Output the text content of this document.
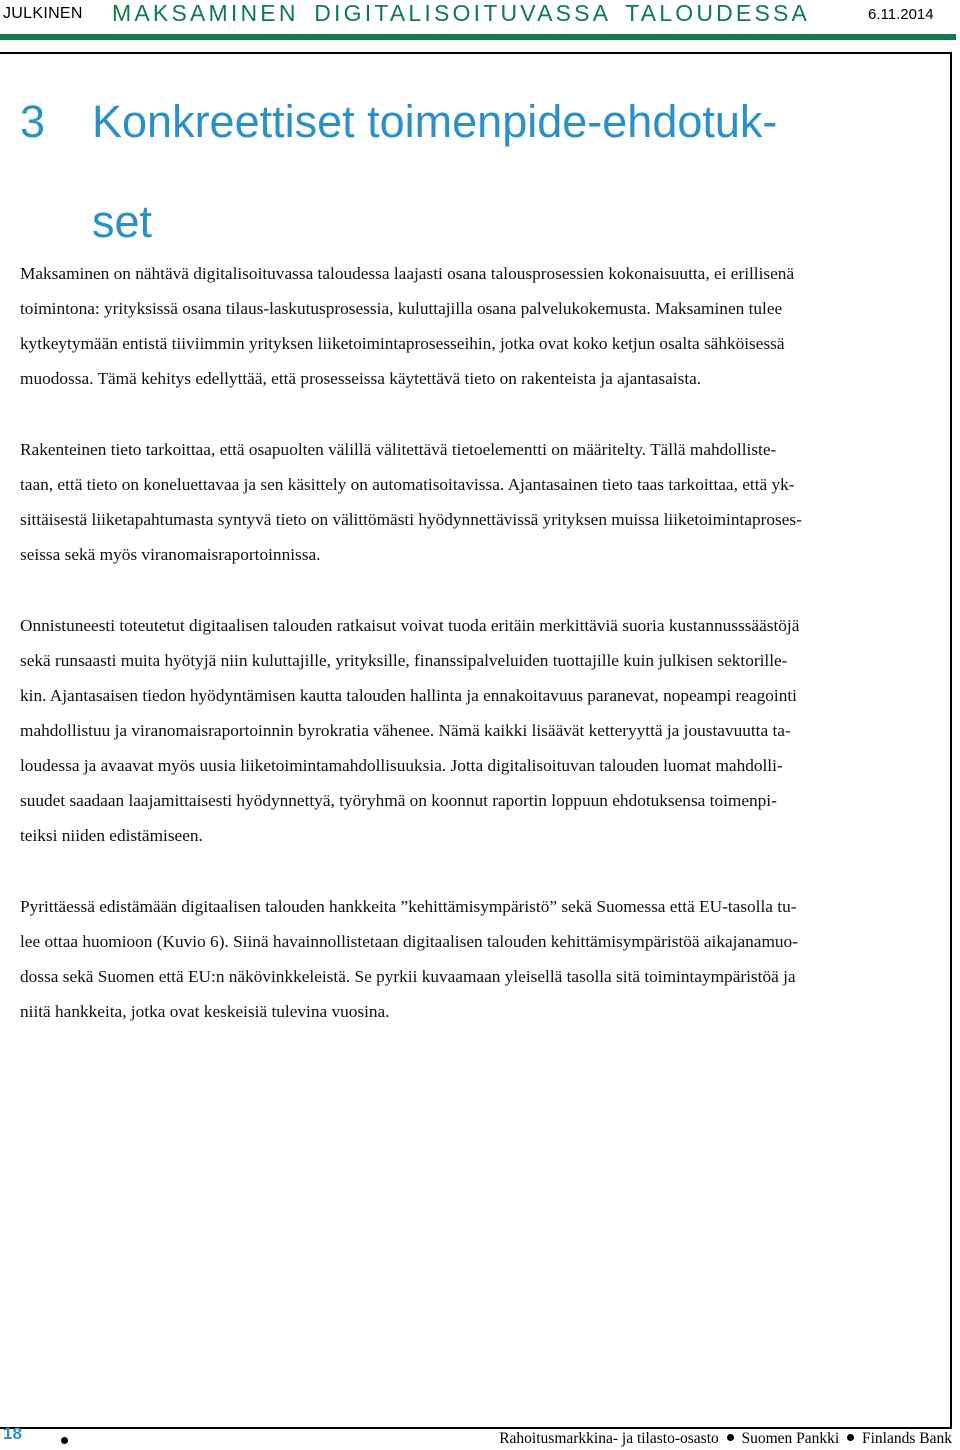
JULKINEN MAKSAMINEN DIGITALISOITUVASSA TALOUDESSA	6.11.2014
3 Konkreettiset toimenpide-ehdotuk-
set

Maksaminen on nähtävä digitalisoituvassa taloudessa laajasti osana talousprosessien kokonaisuutta, ei erillisenä
toimintona: yrityksissä osana tilaus-laskutusprosessia, kuluttajilla osana palvelukokemusta. Maksaminen tulee
kytkeytymään entistä tiiviimmin yrityksen liiketoimintaprosesseihin, jotka ovat koko ketjun osalta sähköisessä
muodossa. Tämä kehitys edellyttää, että prosesseissa käytettävä tieto on rakenteista ja ajantasaista.

Rakenteinen tieto tarkoittaa, että osapuolten välillä välitettävä tietoelementti on määritelty. Tällä mahdolliste-
taan, että tieto on koneluettavaa ja sen käsittely on automatisoitavissa. Ajantasainen tieto taas tarkoittaa, että yk-
sittäisestä liiketapahtumasta syntyvä tieto on välittömästi hyödynnettävissä yrityksen muissa liiketoimintaproses-
seissa sekä myös viranomaisraportoinnissa.

Onnistuneesti toteutetut digitaalisen talouden ratkaisut voivat tuoda eritäin merkittäviä suoria kustannusssäästöjä
sekä runsaasti muita hyötyjä niin kuluttajille, yrityksille, finanssipalveluiden tuottajille kuin julkisen sektorille-
kin. Ajantasaisen tiedon hyödyntämisen kautta talouden hallinta ja ennakoitavuus paranevat, nopeampi reagointi
mahdollistuu ja viranomaisraportoinnin byrokratia vähenee. Nämä kaikki lisäävät ketteryyttä ja joustavuutta ta-
loudessa ja avaavat myös uusia liiketoimintamahdollisuuksia. Jotta digitalisoituvan talouden luomat mahdolli-
suudet saadaan laajamittaisesti hyödynnettyä, työryhmä on koonnut raportin loppuun ehdotuksensa toimenpi-
teiksi niiden edistämiseen.

Pyrittäessä edistämään digitaalisen talouden hankkeita ”kehittämisympäristö” sekä Suomessa että EU-tasolla tu-
lee ottaa huomioon (Kuvio 6). Siinä havainnollistetaan digitaalisen talouden kehittämisympäristöä aikajanamuo-
dossa sekä Suomen että EU:n näkövinkkeleistä. Se pyrkii kuvaamaan yleisellä tasolla sitä toimintaympäristöä ja
niitä hankkeita, jotka ovat keskeisiä tulevina vuosina.

18	Rahoitusmarkkina- ja tilasto-osasto Suomen Pankki Finlands Bank
